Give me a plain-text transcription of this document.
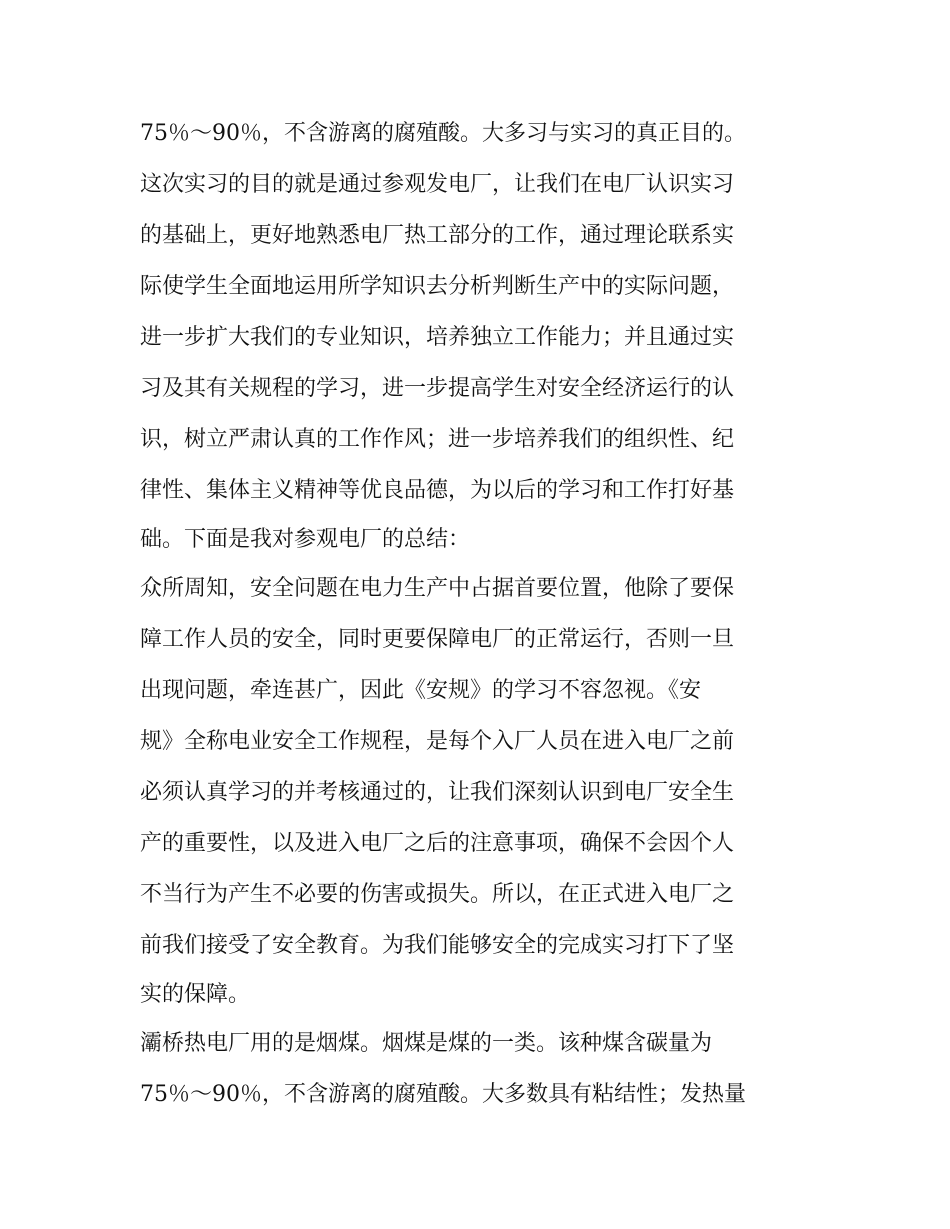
75％～90％，不含游离的腐殖酸。大多习与实习的真正目的。
这次实习的目的就是通过参观发电厂，让我们在电厂认识实习
的基础上，更好地熟悉电厂热工部分的工作，通过理论联系实
际使学生全面地运用所学知识去分析判断生产中的实际问题，
进一步扩大我们的专业知识，培养独立工作能力；并且通过实
习及其有关规程的学习，进一步提高学生对安全经济运行的认
识，树立严肃认真的工作作风；进一步培养我们的组织性、纪
律性、集体主义精神等优良品德，为以后的学习和工作打好基
础。下面是我对参观电厂的总结：
众所周知，安全问题在电力生产中占据首要位置，他除了要保
障工作人员的安全，同时更要保障电厂的正常运行，否则一旦
出现问题，牵连甚广，因此《安规》的学习不容忽视。《安
规》全称电业安全工作规程，是每个入厂人员在进入电厂之前
必须认真学习的并考核通过的，让我们深刻认识到电厂安全生
产的重要性，以及进入电厂之后的注意事项，确保不会因个人
不当行为产生不必要的伤害或损失。所以，在正式进入电厂之
前我们接受了安全教育。为我们能够安全的完成实习打下了坚
实的保障。
灞桥热电厂用的是烟煤。烟煤是煤的一类。该种煤含碳量为
75％～90％，不含游离的腐殖酸。大多数具有粘结性；发热量
